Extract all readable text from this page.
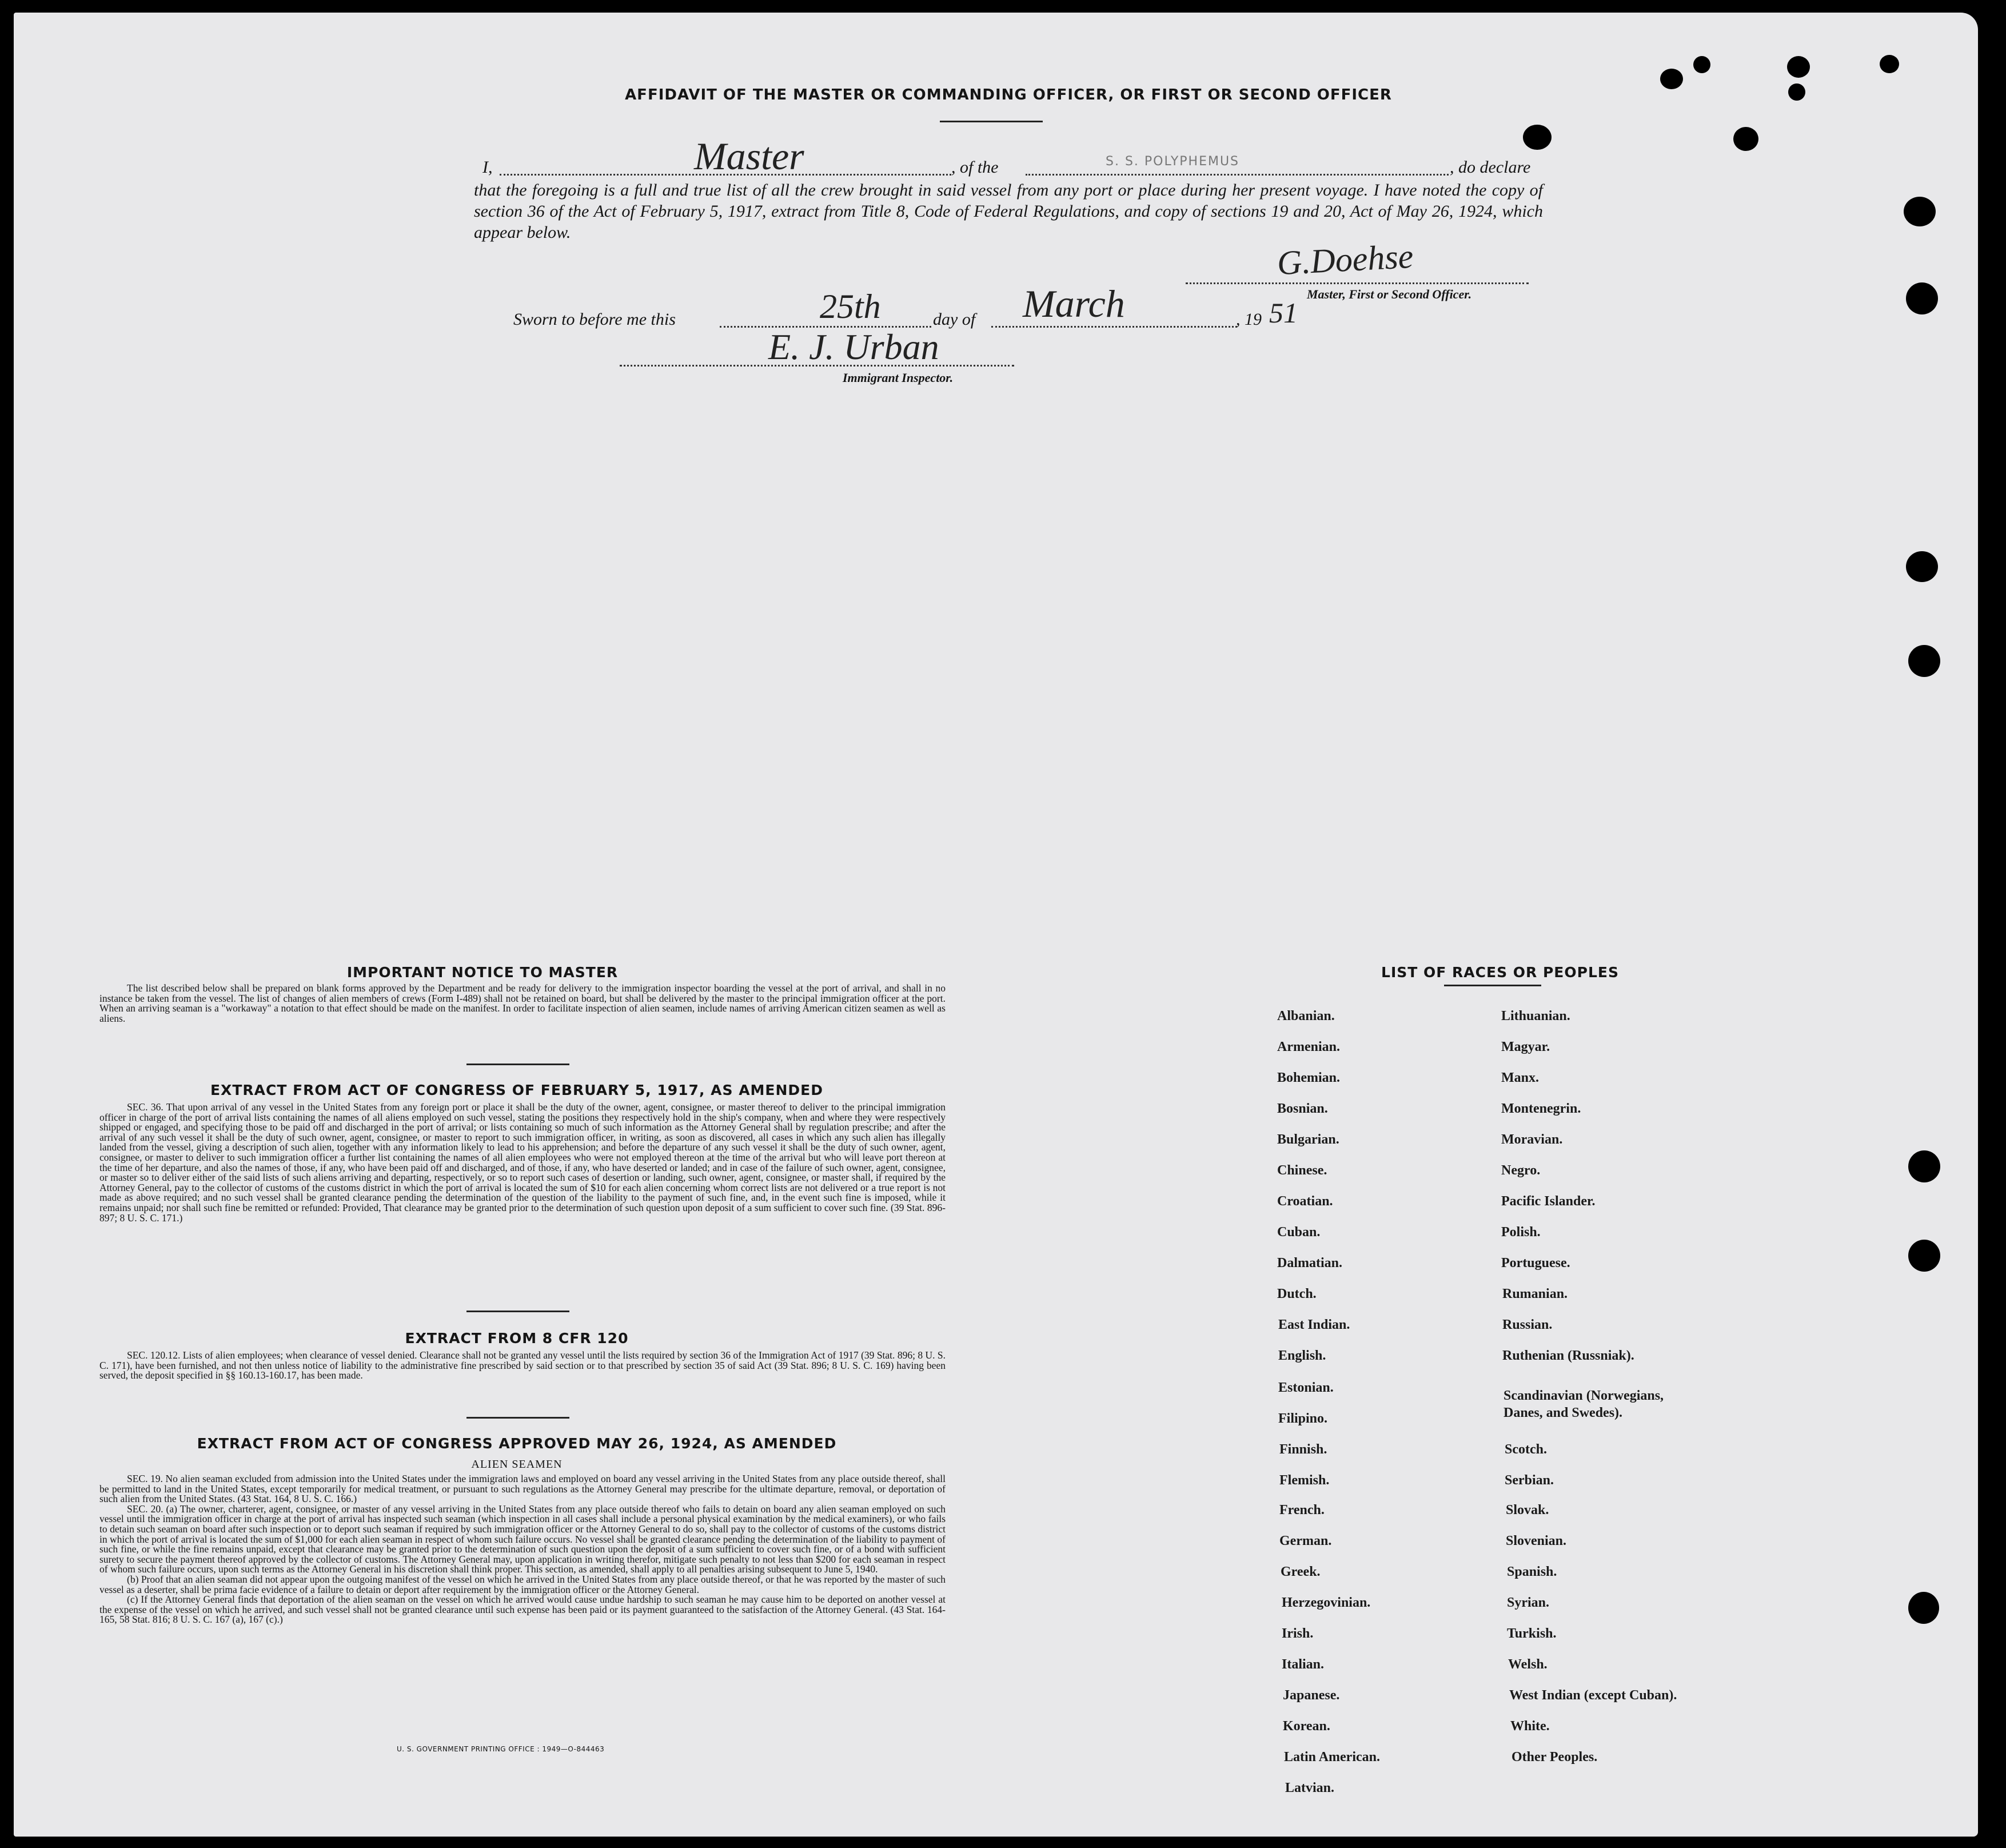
AFFIDAVIT OF THE MASTER OR COMMANDING OFFICER, OR FIRST OR SECOND OFFICER
I,	Master	, of the	S. S. POLYPHEMUS	, do declare
that the foregoing is a full and true list of all the crew brought in said vessel from any port or place during her present voyage. I have noted the copy of section 36 of the Act of February 5, 1917, extract from Title 8, Code of Federal Regulations, and copy of sections 19 and 20, Act of May 26, 1924, which appear below.
G.Doehse
Master, First or Second Officer.
Sworn to before me this	25th	day of March	, 19 51
E. J. Urban
Immigrant Inspector.
IMPORTANT NOTICE TO MASTER

The list described below shall be prepared on blank forms approved by the Department and be ready for delivery to the immigration inspector boarding the vessel at the port of arrival, and shall in no instance be taken from the vessel. The list of changes of alien members of crews (Form I-489) shall not be retained on board, but shall be delivered by the master to the principal immigration officer at the port. When an arriving seaman is a "workaway" a notation to that effect should be made on the manifest. In order to facilitate inspection of alien seamen, include names of arriving American citizen seamen as well as aliens.

EXTRACT FROM ACT OF CONGRESS OF FEBRUARY 5, 1917, AS AMENDED

SEC. 36. That upon arrival of any vessel in the United States from any foreign port or place it shall be the duty of the owner, agent, consignee, or master thereof to deliver to the principal immigration officer in charge of the port of arrival lists containing the names of all aliens employed on such vessel, stating the positions they respectively hold in the ship's company, when and where they were respectively shipped or engaged, and specifying those to be paid off and discharged in the port of arrival; or lists containing so much of such information as the Attorney General shall by regulation prescribe; and after the arrival of any such vessel it shall be the duty of such owner, agent, consignee, or master to report to such immigration officer, in writing, as soon as discovered, all cases in which any such alien has illegally landed from the vessel, giving a description of such alien, together with any information likely to lead to his apprehension; and before the departure of any such vessel it shall be the duty of such owner, agent, consignee, or master to deliver to such immigration officer a further list containing the names of all alien employees who were not employed thereon at the time of the arrival but who will leave port thereon at the time of her departure, and also the names of those, if any, who have been paid off and discharged, and of those, if any, who have deserted or landed; and in case of the failure of such owner, agent, consignee, or master so to deliver either of the said lists of such aliens arriving and departing, respectively, or so to report such cases of desertion or landing, such owner, agent, consignee, or master shall, if required by the Attorney General, pay to the collector of customs of the customs district in which the port of arrival is located the sum of $10 for each alien concerning whom correct lists are not delivered or a true report is not made as above required; and no such vessel shall be granted clearance pending the determination of the question of the liability to the payment of such fine, and, in the event such fine is imposed, while it remains unpaid; nor shall such fine be remitted or refunded: Provided, That clearance may be granted prior to the determination of such question upon deposit of a sum sufficient to cover such fine. (39 Stat. 896-897; 8 U. S. C. 171.)

EXTRACT FROM 8 CFR 120

SEC. 120.12. Lists of alien employees; when clearance of vessel denied. Clearance shall not be granted any vessel until the lists required by section 36 of the Immigration Act of 1917 (39 Stat. 896; 8 U. S. C. 171), have been furnished, and not then unless notice of liability to the administrative fine prescribed by said section or to that prescribed by section 35 of said Act (39 Stat. 896; 8 U. S. C. 169) having been served, the deposit specified in §§ 160.13-160.17, has been made.

EXTRACT FROM ACT OF CONGRESS APPROVED MAY 26, 1924, AS AMENDED
ALIEN SEAMEN

SEC. 19. No alien seaman excluded from admission into the United States under the immigration laws and employed on board any vessel arriving in the United States from any place outside thereof, shall be permitted to land in the United States, except temporarily for medical treatment, or pursuant to such regulations as the Attorney General may prescribe for the ultimate departure, removal, or deportation of such alien from the United States. (43 Stat. 164, 8 U. S. C. 166.)

SEC. 20. (a) The owner, charterer, agent, consignee, or master of any vessel arriving in the United States from any place outside thereof who fails to detain on board any alien seaman employed on such vessel until the immigration officer in charge at the port of arrival has inspected such seaman (which inspection in all cases shall include a personal physical examination by the medical examiners), or who fails to detain such seaman on board after such inspection or to deport such seaman if required by such immigration officer or the Attorney General to do so, shall pay to the collector of customs of the customs district in which the port of arrival is located the sum of $1,000 for each alien seaman in respect of whom such failure occurs. No vessel shall be granted clearance pending the determination of the liability to payment of such fine, or while the fine remains unpaid, except that clearance may be granted prior to the determination of such question upon the deposit of a sum sufficient to cover such fine, or of a bond with sufficient surety to secure the payment thereof approved by the collector of customs. The Attorney General may, upon application in writing therefor, mitigate such penalty to not less than $200 for each seaman in respect of whom such failure occurs, upon such terms as the Attorney General in his discretion shall think proper. This section, as amended, shall apply to all penalties arising subsequent to June 5, 1940.

(b) Proof that an alien seaman did not appear upon the outgoing manifest of the vessel on which he arrived in the United States from any place outside thereof, or that he was reported by the master of such vessel as a deserter, shall be prima facie evidence of a failure to detain or deport after requirement by the immigration officer or the Attorney General.

(c) If the Attorney General finds that deportation of the alien seaman on the vessel on which he arrived would cause undue hardship to such seaman he may cause him to be deported on another vessel at the expense of the vessel on which he arrived, and such vessel shall not be granted clearance until such expense has been paid or its payment guaranteed to the satisfaction of the Attorney General. (43 Stat. 164-165, 58 Stat. 816; 8 U. S. C. 167 (a), 167 (c).)

U. S. GOVERNMENT PRINTING OFFICE : 1949—O-844463
LIST OF RACES OR PEOPLES
Albanian.
Armenian.
Bohemian.
Bosnian.
Bulgarian.
Chinese.
Croatian.
Cuban.
Dalmatian.
Dutch.
East Indian.
English.
Estonian.
Filipino.
Finnish.
Flemish.
French.
German.
Greek.
Herzegovinian.
Irish.
Italian.
Japanese.
Korean.
Latin American.
Latvian.
Lithuanian.
Magyar.
Manx.
Montenegrin.
Moravian.
Negro.
Pacific Islander.
Polish.
Portuguese.
Rumanian.
Russian.
Ruthenian (Russniak).
Scandinavian (Norwegians, Danes, and Swedes).
Scotch.
Serbian.
Slovak.
Slovenian.
Spanish.
Syrian.
Turkish.
Welsh.
West Indian (except Cuban).
White.
Other Peoples.
